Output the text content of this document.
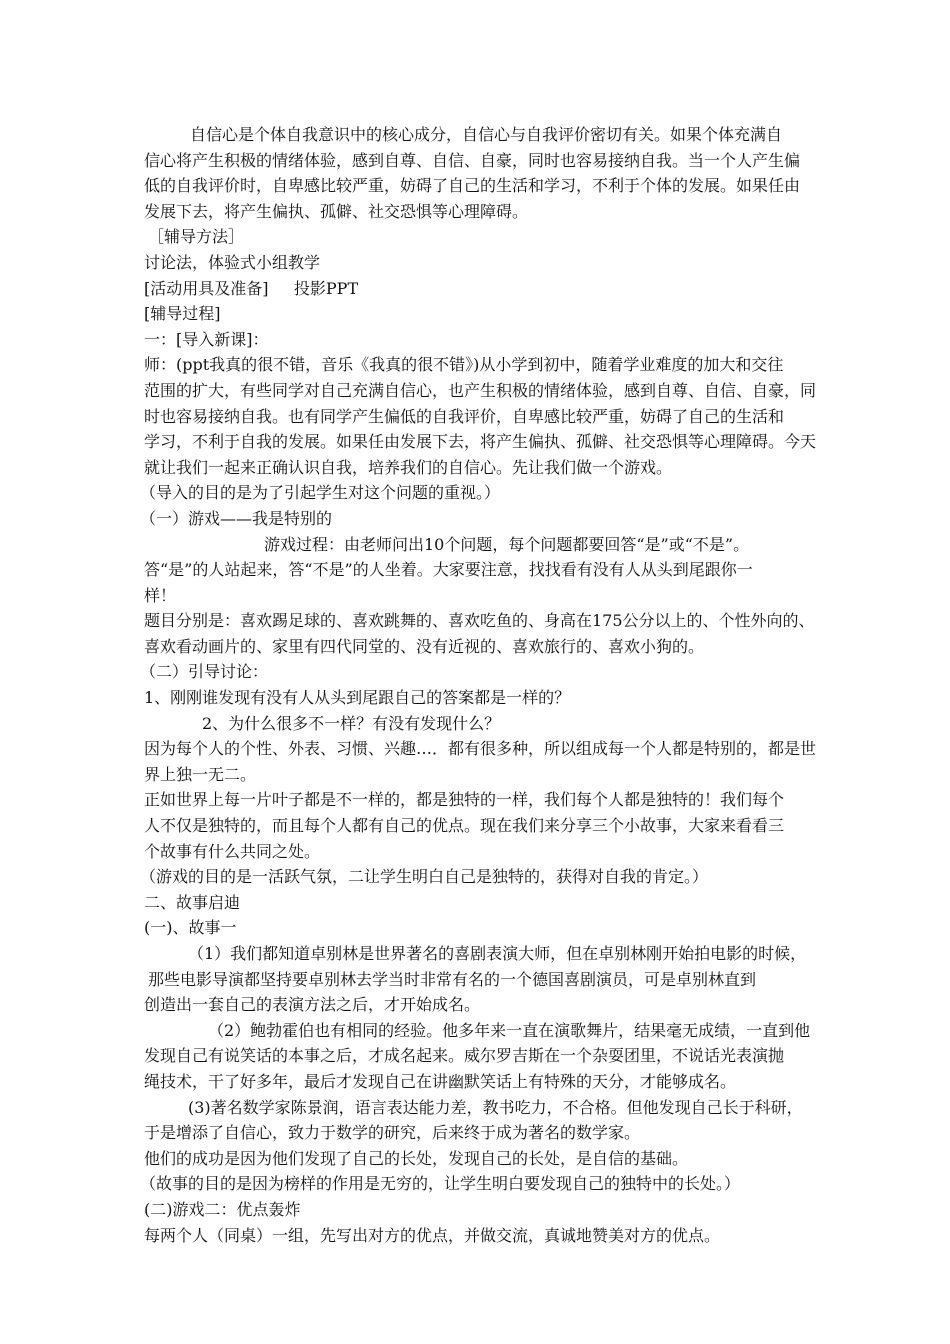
自信心是个体自我意识中的核心成分，自信心与自我评价密切有关。如果个体充满自
信心将产生积极的情绪体验，感到自尊、自信、自豪，同时也容易接纳自我。当一个人产生偏
低的自我评价时，自卑感比较严重，妨碍了自己的生活和学习，不利于个体的发展。如果任由
发展下去，将产生偏执、孤僻、社交恐惧等心理障碍。
［辅导方法］
讨论法，体验式小组教学
[活动用具及准备]     投影PPT
[辅导过程]
一：[导入新课]：
师：(ppt我真的很不错，音乐《我真的很不错》)从小学到初中，随着学业难度的加大和交往
范围的扩大，有些同学对自己充满自信心，也产生积极的情绪体验，感到自尊、自信、自豪，同
时也容易接纳自我。也有同学产生偏低的自我评价，自卑感比较严重，妨碍了自己的生活和
学习，不利于自我的发展。如果任由发展下去，将产生偏执、孤僻、社交恐惧等心理障碍。今天
就让我们一起来正确认识自我，培养我们的自信心。先让我们做一个游戏。
（导入的目的是为了引起学生对这个问题的重视。）
（一）游戏——我是特别的
游戏过程：由老师问出10个问题，每个问题都要回答“是”或“不是”。
答“是”的人站起来，答“不是”的人坐着。大家要注意，找找看有没有人从头到尾跟你一
样！
题目分别是：喜欢踢足球的、喜欢跳舞的、喜欢吃鱼的、身高在175公分以上的、个性外向的、
喜欢看动画片的、家里有四代同堂的、没有近视的、喜欢旅行的、喜欢小狗的。
（二）引导讨论：
1、刚刚谁发现有没有人从头到尾跟自己的答案都是一样的？
2、为什么很多不一样？有没有发现什么？
因为每个人的个性、外表、习惯、兴趣…．都有很多种，所以组成每一个人都是特别的，都是世
界上独一无二。
正如世界上每一片叶子都是不一样的，都是独特的一样，我们每个人都是独特的！我们每个
人不仅是独特的，而且每个人都有自己的优点。现在我们来分享三个小故事，大家来看看三
个故事有什么共同之处。
（游戏的目的是一活跃气氛，二让学生明白自己是独特的，获得对自我的肯定。）
二、故事启迪
(一)、故事一
（1）我们都知道卓别林是世界著名的喜剧表演大师，但在卓别林刚开始拍电影的时候，
那些电影导演都坚持要卓别林去学当时非常有名的一个德国喜剧演员，可是卓别林直到
创造出一套自己的表演方法之后，才开始成名。
（2）鲍勃霍伯也有相同的经验。他多年来一直在演歌舞片，结果毫无成绩，一直到他
发现自己有说笑话的本事之后，才成名起来。威尔罗吉斯在一个杂耍团里，不说话光表演抛
绳技术，干了好多年，最后才发现自己在讲幽默笑话上有特殊的天分，才能够成名。
(3)著名数学家陈景润，语言表达能力差，教书吃力，不合格。但他发现自己长于科研，
于是增添了自信心，致力于数学的研究，后来终于成为著名的数学家。
他们的成功是因为他们发现了自己的长处，发现自己的长处，是自信的基础。
（故事的目的是因为榜样的作用是无穷的，让学生明白要发现自己的独特中的长处。）
(二)游戏二：优点轰炸
每两个人（同桌）一组，先写出对方的优点，并做交流，真诚地赞美对方的优点。
